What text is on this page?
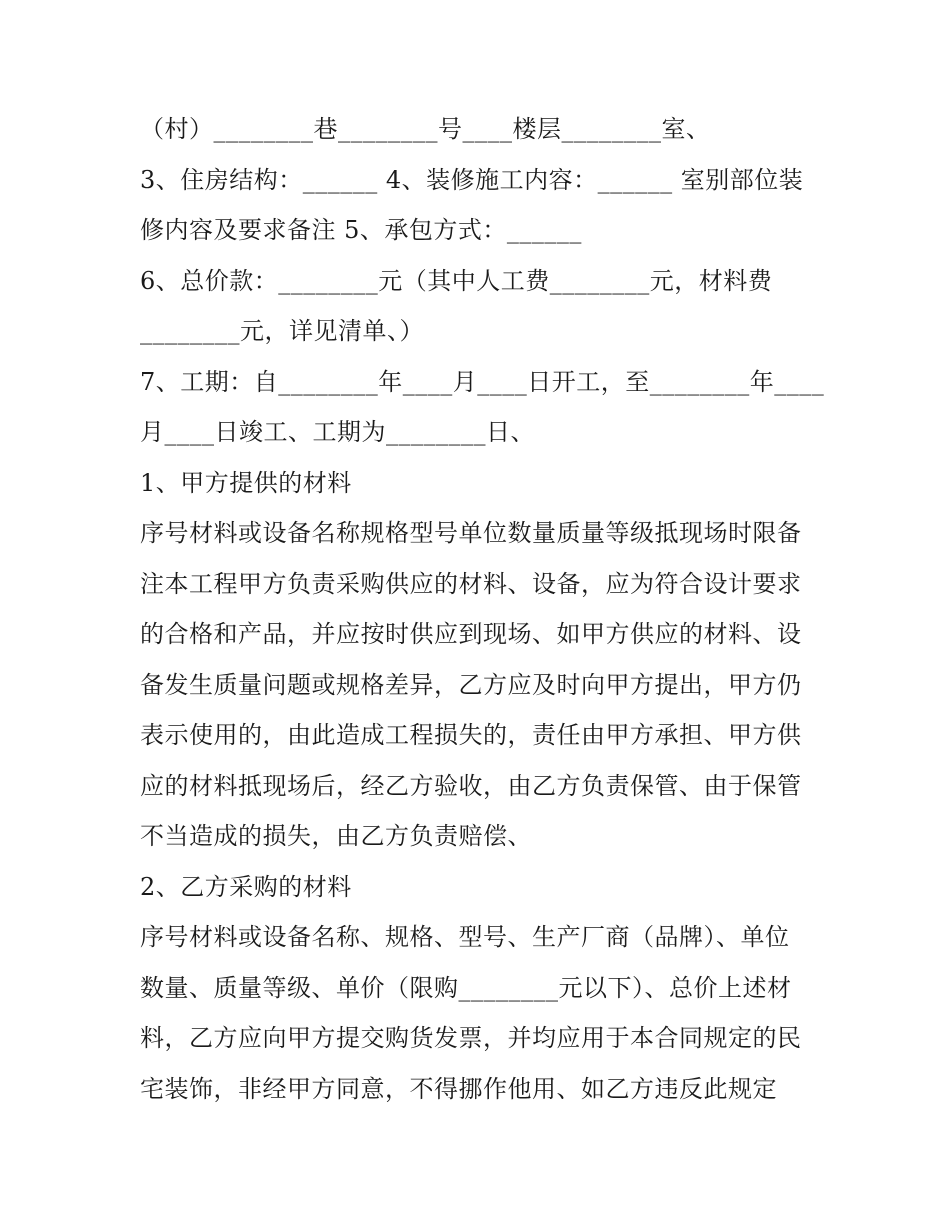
（村）________巷________号____楼层________室、
3、住房结构：______ 4、装修施工内容：______ 室别部位装
修内容及要求备注 5、承包方式：______
6、总价款：________元（其中人工费________元，材料费
________元，详见清单、）
7、工期：自________年____月____日开工，至________年____
月____日竣工、工期为________日、
1、甲方提供的材料
序号材料或设备名称规格型号单位数量质量等级抵现场时限备
注本工程甲方负责采购供应的材料、设备，应为符合设计要求
的合格和产品，并应按时供应到现场、如甲方供应的材料、设
备发生质量问题或规格差异，乙方应及时向甲方提出，甲方仍
表示使用的，由此造成工程损失的，责任由甲方承担、甲方供
应的材料抵现场后，经乙方验收，由乙方负责保管、由于保管
不当造成的损失，由乙方负责赔偿、
2、乙方采购的材料
序号材料或设备名称、规格、型号、生产厂商（品牌）、单位
数量、质量等级、单价（限购________元以下）、总价上述材
料，乙方应向甲方提交购货发票，并均应用于本合同规定的民
宅装饰，非经甲方同意，不得挪作他用、如乙方违反此规定
